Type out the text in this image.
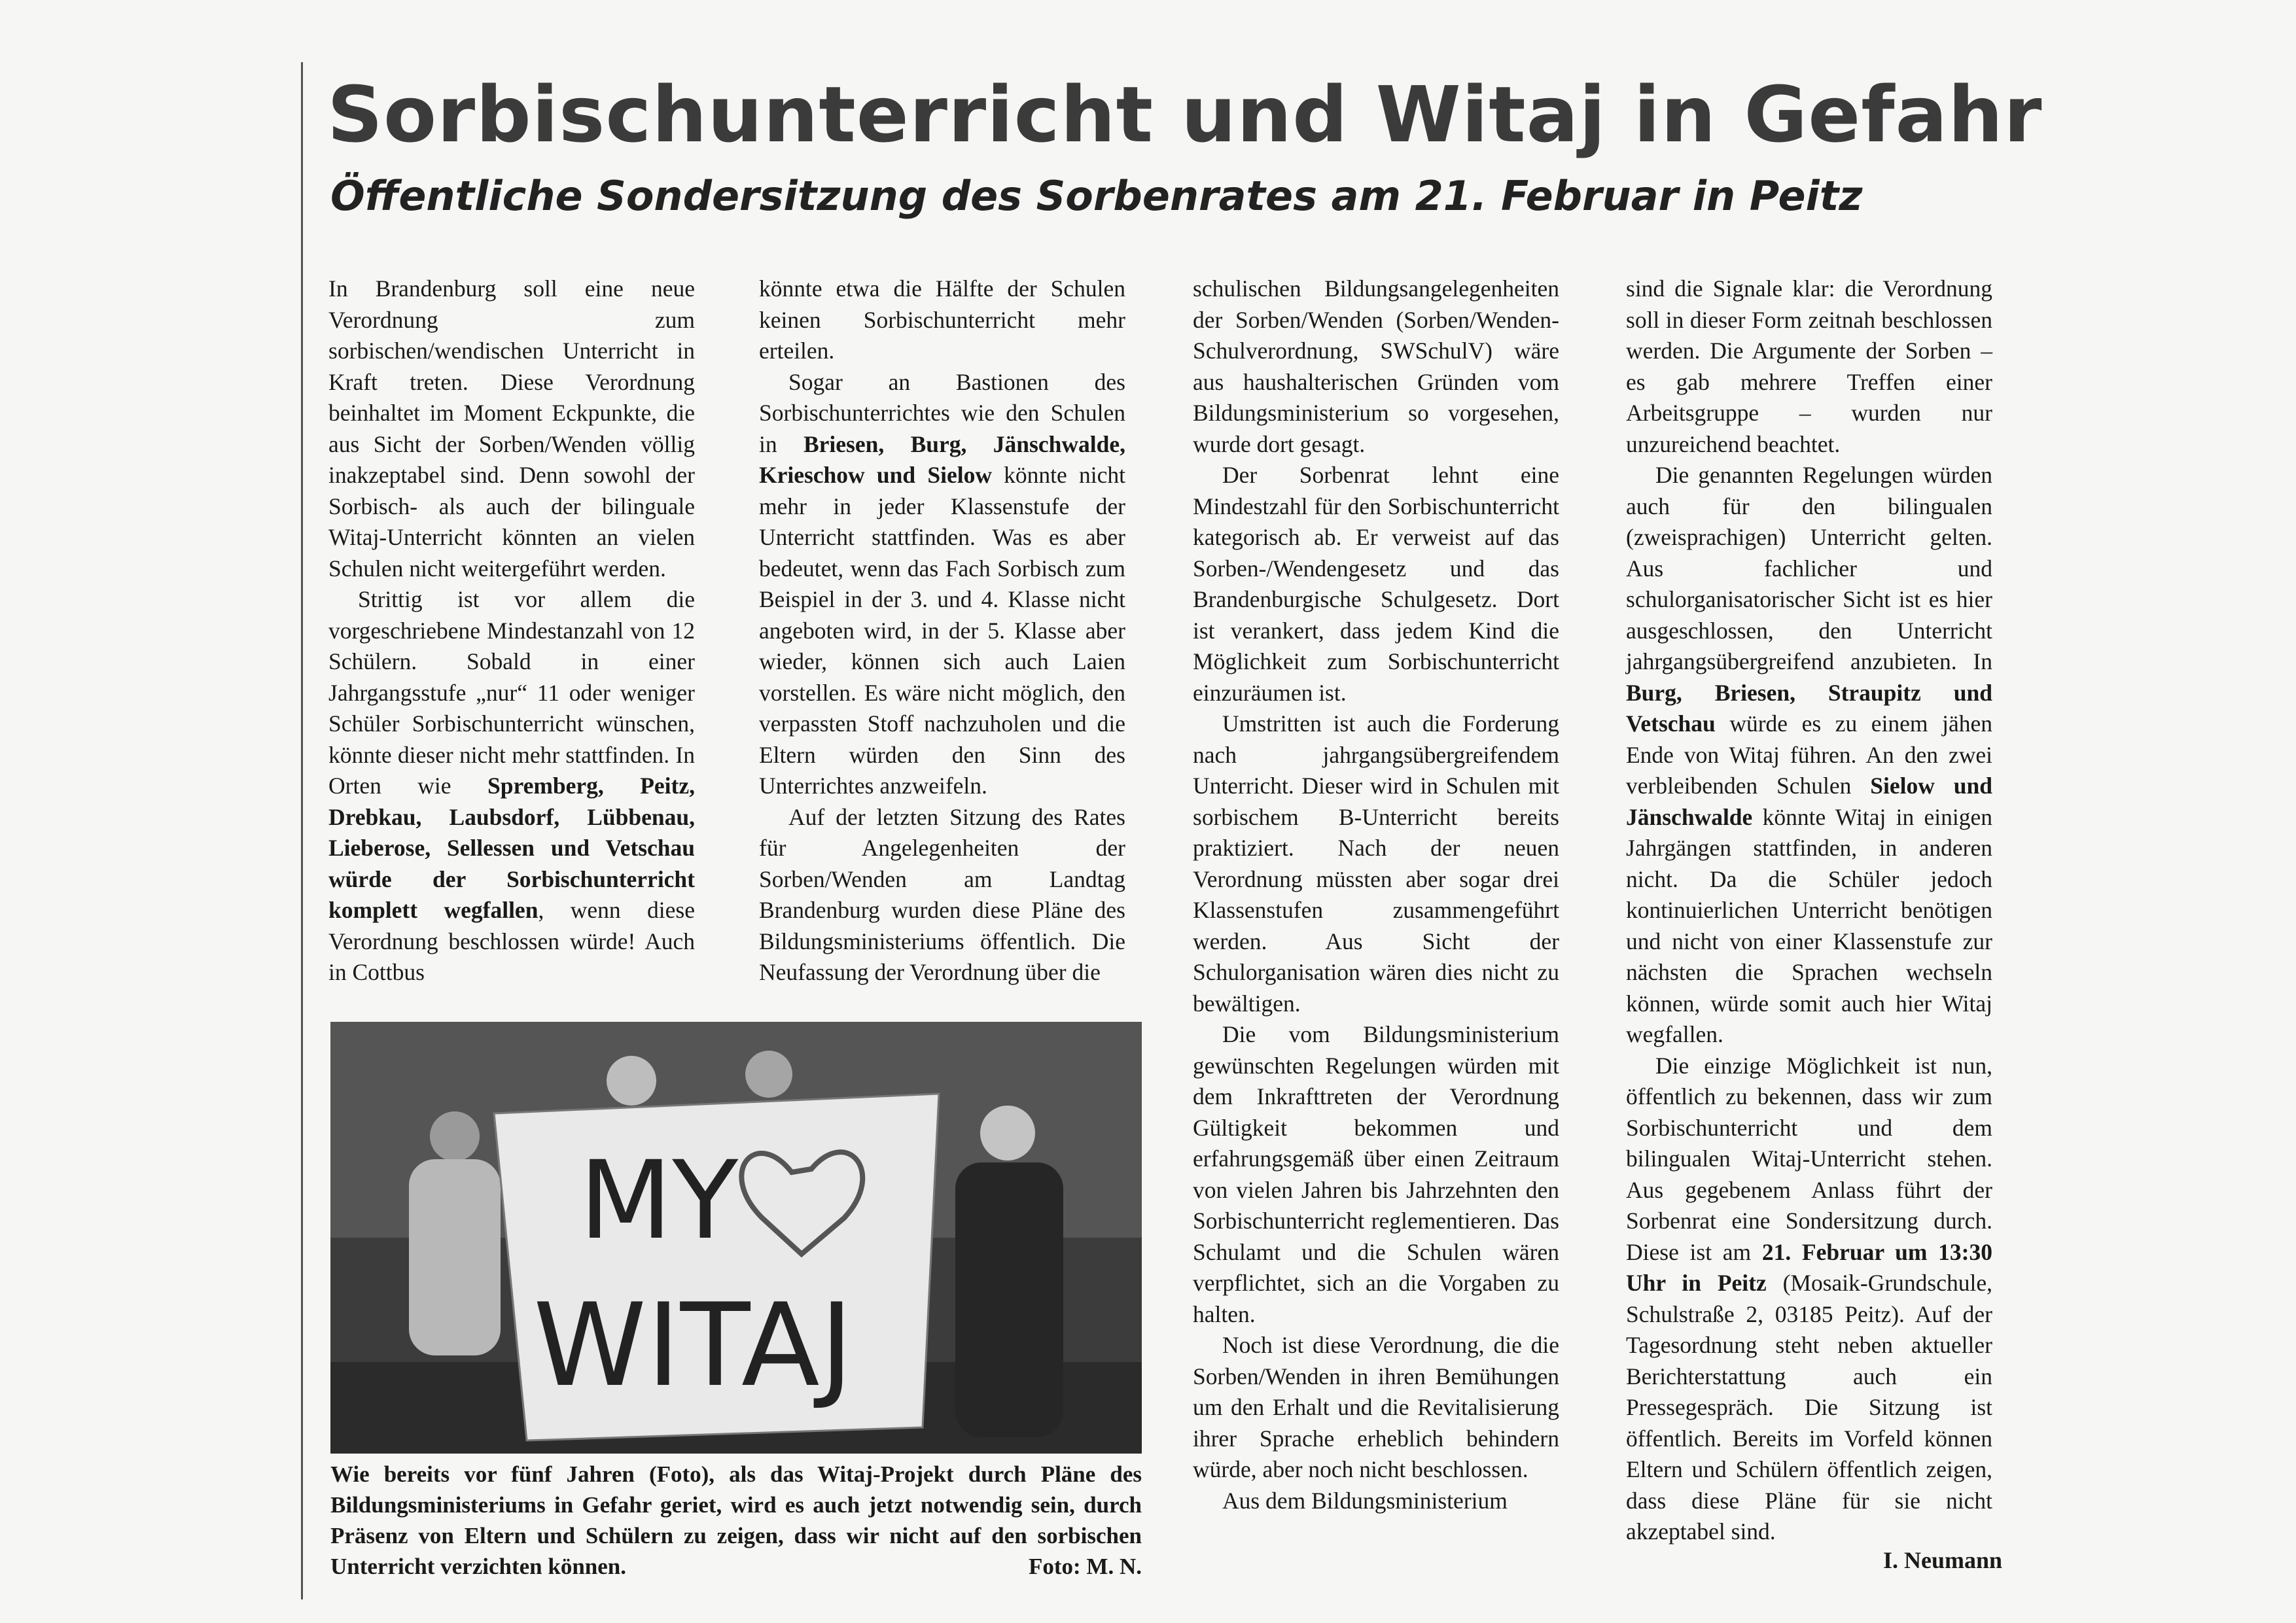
Sorbischunterricht und Witaj in Gefahr
Öffentliche Sondersitzung des Sorbenrates am 21. Februar in Peitz

In Brandenburg soll eine neue Verordnung zum sorbischen/wendischen Unterricht in Kraft treten. Diese Verordnung beinhaltet im Moment Eckpunkte, die aus Sicht der Sorben/Wenden völlig inakzeptabel sind. Denn sowohl der Sorbisch- als auch der bilinguale Witaj-Unterricht könnten an vielen Schulen nicht weitergeführt werden.

Strittig ist vor allem die vorgeschriebene Mindestanzahl von 12 Schülern. Sobald in einer Jahrgangsstufe „nur“ 11 oder weniger Schüler Sorbischunterricht wünschen, könnte dieser nicht mehr stattfinden. In Orten wie Spremberg, Peitz, Drebkau, Laubsdorf, Lübbenau, Lieberose, Sellessen und Vetschau würde der Sorbischunterricht komplett wegfallen, wenn diese Verordnung beschlossen würde! Auch in Cottbus

könnte etwa die Hälfte der Schulen keinen Sorbischunterricht mehr erteilen.

Sogar an Bastionen des Sorbischunterrichtes wie den Schulen in Briesen, Burg, Jänschwalde, Krieschow und Sielow könnte nicht mehr in jeder Klassenstufe der Unterricht stattfinden. Was es aber bedeutet, wenn das Fach Sorbisch zum Beispiel in der 3. und 4. Klasse nicht angeboten wird, in der 5. Klasse aber wieder, können sich auch Laien vorstellen. Es wäre nicht möglich, den verpassten Stoff nachzuholen und die Eltern würden den Sinn des Unterrichtes anzweifeln.

Auf der letzten Sitzung des Rates für Angelegenheiten der Sorben/Wenden am Landtag Brandenburg wurden diese Pläne des Bildungsministeriums öffentlich. Die Neufassung der Verordnung über die

MY
WITAJ
Wie bereits vor fünf Jahren (Foto), als das Witaj-Projekt durch Pläne des Bildungsministeriums in Gefahr geriet, wird es auch jetzt notwendig sein, durch Präsenz von Eltern und Schülern zu zeigen, dass wir nicht auf den sorbischen Unterricht verzichten können.	Foto: M. N.

schulischen Bildungsangelegenheiten der Sorben/Wenden (Sorben/Wenden-Schulverordnung, SWSchulV) wäre aus haushalterischen Gründen vom Bildungsministerium so vorgesehen, wurde dort gesagt.

Der Sorbenrat lehnt eine Mindestzahl für den Sorbischunterricht kategorisch ab. Er verweist auf das Sorben-/Wendengesetz und das Brandenburgische Schulgesetz. Dort ist verankert, dass jedem Kind die Möglichkeit zum Sorbischunterricht einzuräumen ist.

Umstritten ist auch die Forderung nach jahrgangsübergreifendem Unterricht. Dieser wird in Schulen mit sorbischem B-Unterricht bereits praktiziert. Nach der neuen Verordnung müssten aber sogar drei Klassenstufen zusammengeführt werden. Aus Sicht der Schulorganisation wären dies nicht zu bewältigen.

Die vom Bildungsministerium gewünschten Regelungen würden mit dem Inkrafttreten der Verordnung Gültigkeit bekommen und erfahrungsgemäß über einen Zeitraum von vielen Jahren bis Jahrzehnten den Sorbischunterricht reglementieren. Das Schulamt und die Schulen wären verpflichtet, sich an die Vorgaben zu halten.

Noch ist diese Verordnung, die die Sorben/Wenden in ihren Bemühungen um den Erhalt und die Revitalisierung ihrer Sprache erheblich behindern würde, aber noch nicht beschlossen.

Aus dem Bildungsministerium

sind die Signale klar: die Verordnung soll in dieser Form zeitnah beschlossen werden. Die Argumente der Sorben – es gab mehrere Treffen einer Arbeitsgruppe – wurden nur unzureichend beachtet.

Die genannten Regelungen würden auch für den bilingualen (zweisprachigen) Unterricht gelten. Aus fachlicher und schulorganisatorischer Sicht ist es hier ausgeschlossen, den Unterricht jahrgangsübergreifend anzubieten. In Burg, Briesen, Straupitz und Vetschau würde es zu einem jähen Ende von Witaj führen. An den zwei verbleibenden Schulen Sielow und Jänschwalde könnte Witaj in einigen Jahrgängen stattfinden, in anderen nicht. Da die Schüler jedoch kontinuierlichen Unterricht benötigen und nicht von einer Klassenstufe zur nächsten die Sprachen wechseln können, würde somit auch hier Witaj wegfallen.

Die einzige Möglichkeit ist nun, öffentlich zu bekennen, dass wir zum Sorbischunterricht und dem bilingualen Witaj-Unterricht stehen. Aus gegebenem Anlass führt der Sorbenrat eine Sondersitzung durch. Diese ist am 21. Februar um 13:30 Uhr in Peitz (Mosaik-Grundschule, Schulstraße 2, 03185 Peitz). Auf der Tagesordnung steht neben aktueller Berichterstattung auch ein Pressegespräch. Die Sitzung ist öffentlich. Bereits im Vorfeld können Eltern und Schülern öffentlich zeigen, dass diese Pläne für sie nicht akzeptabel sind.

I. Neumann
